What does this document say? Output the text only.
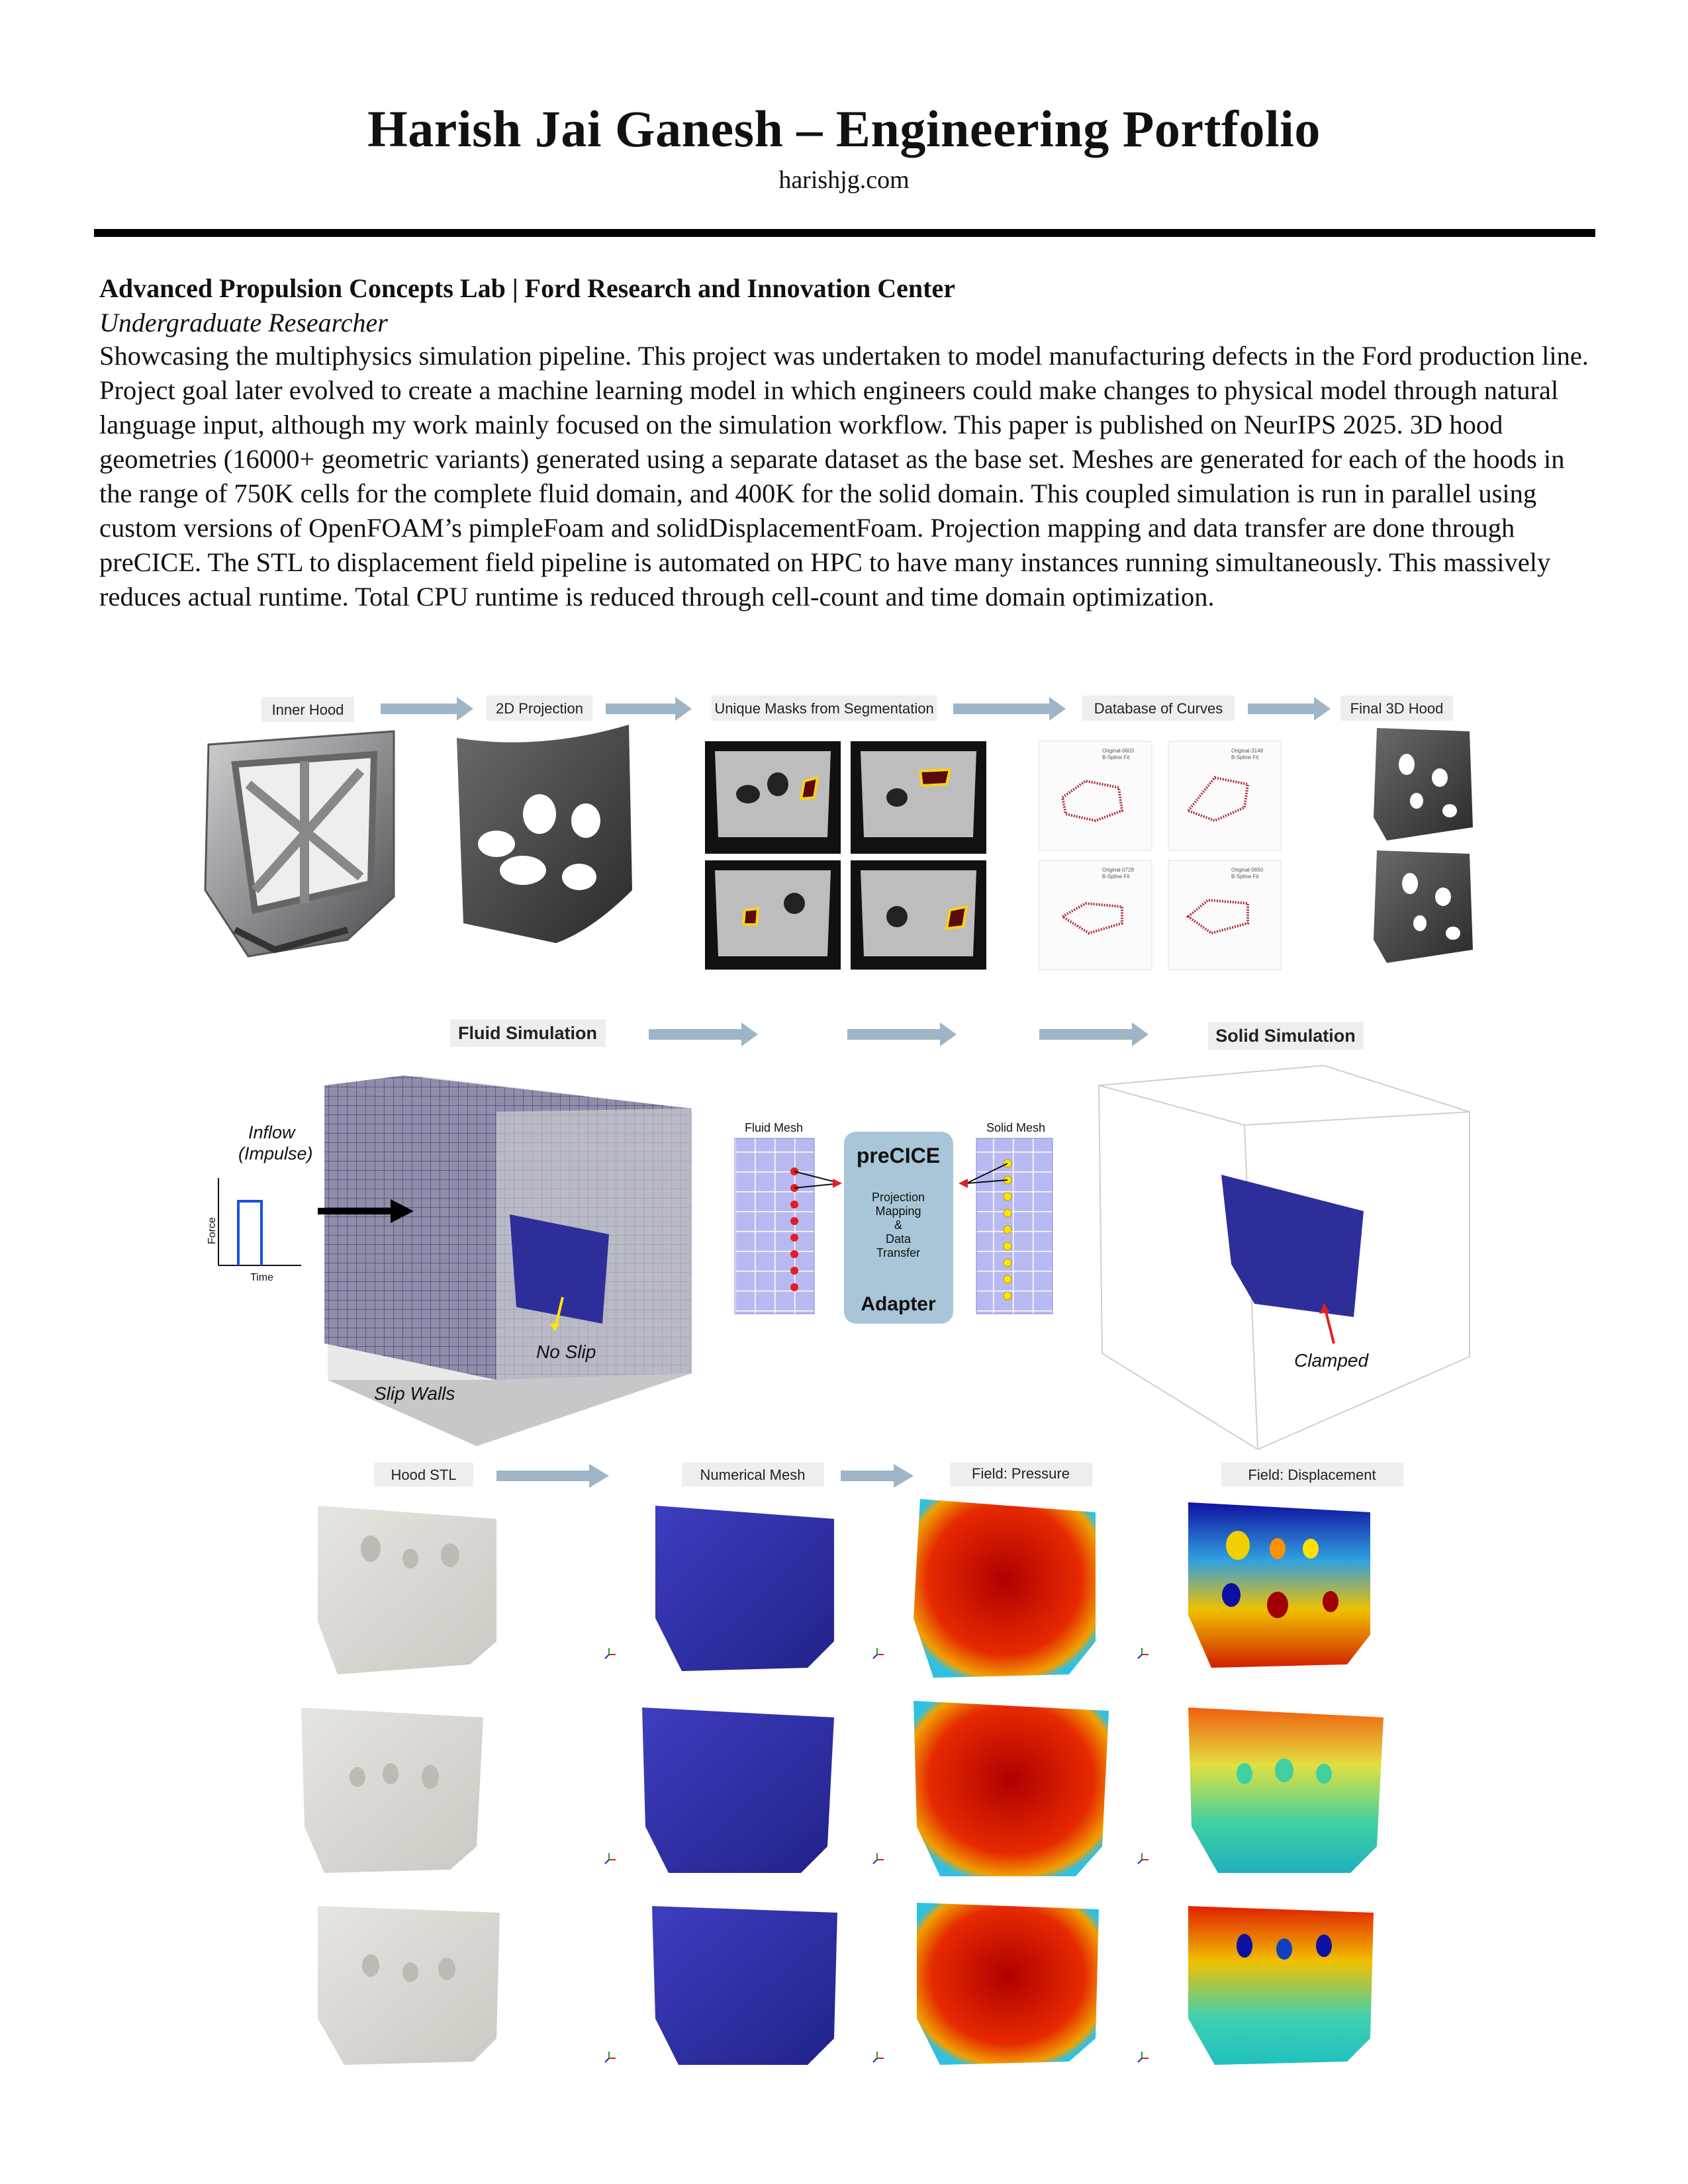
Harish Jai Ganesh – Engineering Portfolio
harishjg.com
Advanced Propulsion Concepts Lab | Ford Research and Innovation Center
Undergraduate Researcher
Showcasing the multiphysics simulation pipeline. This project was undertaken to model manufacturing defects in the Ford production line. Project goal later evolved to create a machine learning model in which engineers could make changes to physical model through natural language input, although my work mainly focused on the simulation workflow. This paper is published on NeurIPS 2025. 3D hood geometries (16000+ geometric variants) generated using a separate dataset as the base set. Meshes are generated for each of the hoods in the range of 750K cells for the complete fluid domain, and 400K for the solid domain. This coupled simulation is run in parallel using custom versions of OpenFOAM’s pimpleFoam and solidDisplacementFoam. Projection mapping and data transfer are done through preCICE. The STL to displacement field pipeline is automated on HPC to have many instances running simultaneously. This massively reduces actual runtime. Total CPU runtime is reduced through cell-count and time domain optimization.
Inner Hood	2D Projection	Unique Masks from Segmentation	Database of Curves	Final 3D Hood
Original-0603
B-Spline Fit
Original-3148
B-Spline Fit
Original-0728
B-Spline Fit
Original-0650
B-Spline Fit
Fluid Simulation	Solid Simulation
No Slip
Slip Walls
Inflow
(Impulse)
Force
Time
Fluid Mesh	Solid Mesh
preCICE
Projection
Mapping
&
Data
Transfer
Adapter
Clamped
Hood STL	Numerical Mesh	Field: Pressure	Field: Displacement
